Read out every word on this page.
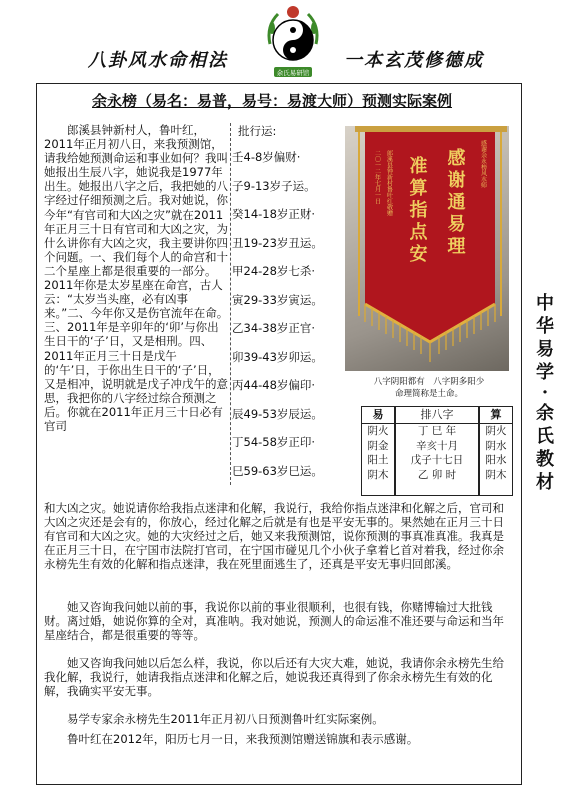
八卦风水命相法
余氏易研馆
一本玄茂修德成
余永榜（易名：易普，易号：易渡大师）预测实际案例
郎溪县钟新村人，鲁叶红，2011年正月初八日，来我预测馆，请我给她预测命运和事业如何？我叫她报出生辰八字，她说我是1977年出生。她报出八字之后，我把她的八字经过仔细预测之后。我对她说，你今年“有官司和大凶之灾”就在2011年正月三十日有官司和大凶之灾，为什么讲你有大凶之灾，我主要讲你四个问题。一、我们每个人的命宫和十二个星座上都是很重要的一部分。2011年你是太岁星座在命宫，古人云：“太岁当头座，必有凶事来。”二、今年你又是伤官流年在命。三、2011年是辛卯年的‘卯’与你出生日干的‘子’日，又是相刑。四、2011年正月三十日是戊午的‘午’日，于你出生日干的‘子’日，又是相冲，说明就是戊子冲戊午的意思，我把你的八字经过综合预测之后。你就在2011年正月三十日必有官司
批行运:
壬4-8岁偏财·
子9-13岁子运。
癸14-18岁正财·
丑19-23岁丑运。
甲24-28岁七杀·
寅29-33岁寅运。
乙34-38岁正官·
卯39-43岁卯运。
丙44-48岁偏印·
辰49-53岁辰运。
丁54-58岁正印·
巳59-63岁巳运。
感谢余永榜风水师
感谢通易理
准算指点安
郎溪县钟新村鲁叶红敬赠
二〇一二年七月一日
八字阴阳都有　八字阴多阳少
命理简称是土命。
易
阴火
阴金
阳土
阴木
排八字
丁 巳 年
辛亥十月
戊子十七日
乙 卯 时
算
阴火
阴水
阳水
阴木
和大凶之灾。她说请你给我指点迷津和化解，我说行，我给你指点迷津和化解之后，官司和大凶之灾还是会有的，你放心，经过化解之后就是有也是平安无事的。果然她在正月三十日有官司和大凶之灾。她的大灾经过之后，她又来我预测馆，说你预测的事真准真准。我真是在正月三十日，在宁国市法院打官司，在宁国市碰见几个小伙子拿着匕首对着我，经过你余永榜先生有效的化解和指点迷津，我在死里面逃生了，还真是平安无事归回郎溪。
她又咨询我问她以前的事，我说你以前的事业很顺利，也很有钱，你赌博输过大批钱财。离过婚，她说你算的全对，真准呐。我对她说，预测人的命运准不准还要与命运和当年星座结合，都是很重要的等等。
她又咨询我问她以后怎么样，我说，你以后还有大灾大难，她说，我请你余永榜先生给我化解，我说行，她请我指点迷津和化解之后，她说我还真得到了你余永榜先生有效的化解，我确实平安无事。
易学专家余永榜先生2011年正月初八日预测鲁叶红实际案例。
鲁叶红在2012年，阳历七月一日，来我预测馆赠送锦旗和表示感谢。
中
华
易
学
·
余
氏
教
材
